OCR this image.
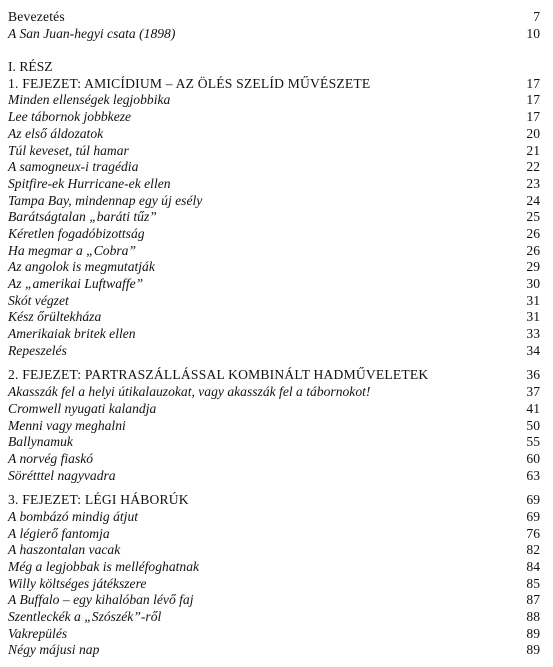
Bevezetés	7
A San Juan-hegyi csata (1898)	10
I. RÉSZ
1. FEJEZET: AMICÍDIUM – AZ ÖLÉS SZELÍD MŰVÉSZETE	17
Minden ellenségek legjobbika	17
Lee tábornok jobbkeze	17
Az első áldozatok	20
Túl keveset, túl hamar	21
A samogneux-i tragédia	22
Spitfire-ek Hurricane-ek ellen	23
Tampa Bay, mindennap egy új esély	24
Barátságtalan „baráti tűz”	25
Kéretlen fogadóbizottság	26
Ha megmar a „Cobra”	26
Az angolok is megmutatják	29
Az „amerikai Luftwaffe”	30
Skót végzet	31
Kész őrültekháza	31
Amerikaiak britek ellen	33
Repeszelés	34
2. FEJEZET: PARTRASZÁLLÁSSAL KOMBINÁLT HADMŰVELETEK	36
Akasszák fel a helyi útikalauzokat, vagy akasszák fel a tábornokot!	37
Cromwell nyugati kalandja	41
Menni vagy meghalni	50
Ballynamuk	55
A norvég fiaskó	60
Sörétttel nagyvadra	63
3. FEJEZET: LÉGI HÁBORÚK	69
A bombázó mindig átjut	69
A légierő fantomja	76
A haszontalan vacak	82
Még a legjobbak is melléfoghatnak	84
Willy költséges játékszere	85
A Buffalo – egy kihalóban lévő faj	87
Szentleckék a „Szószék”-ről	88
Vakrepülés	89
Négy májusi nap	89
